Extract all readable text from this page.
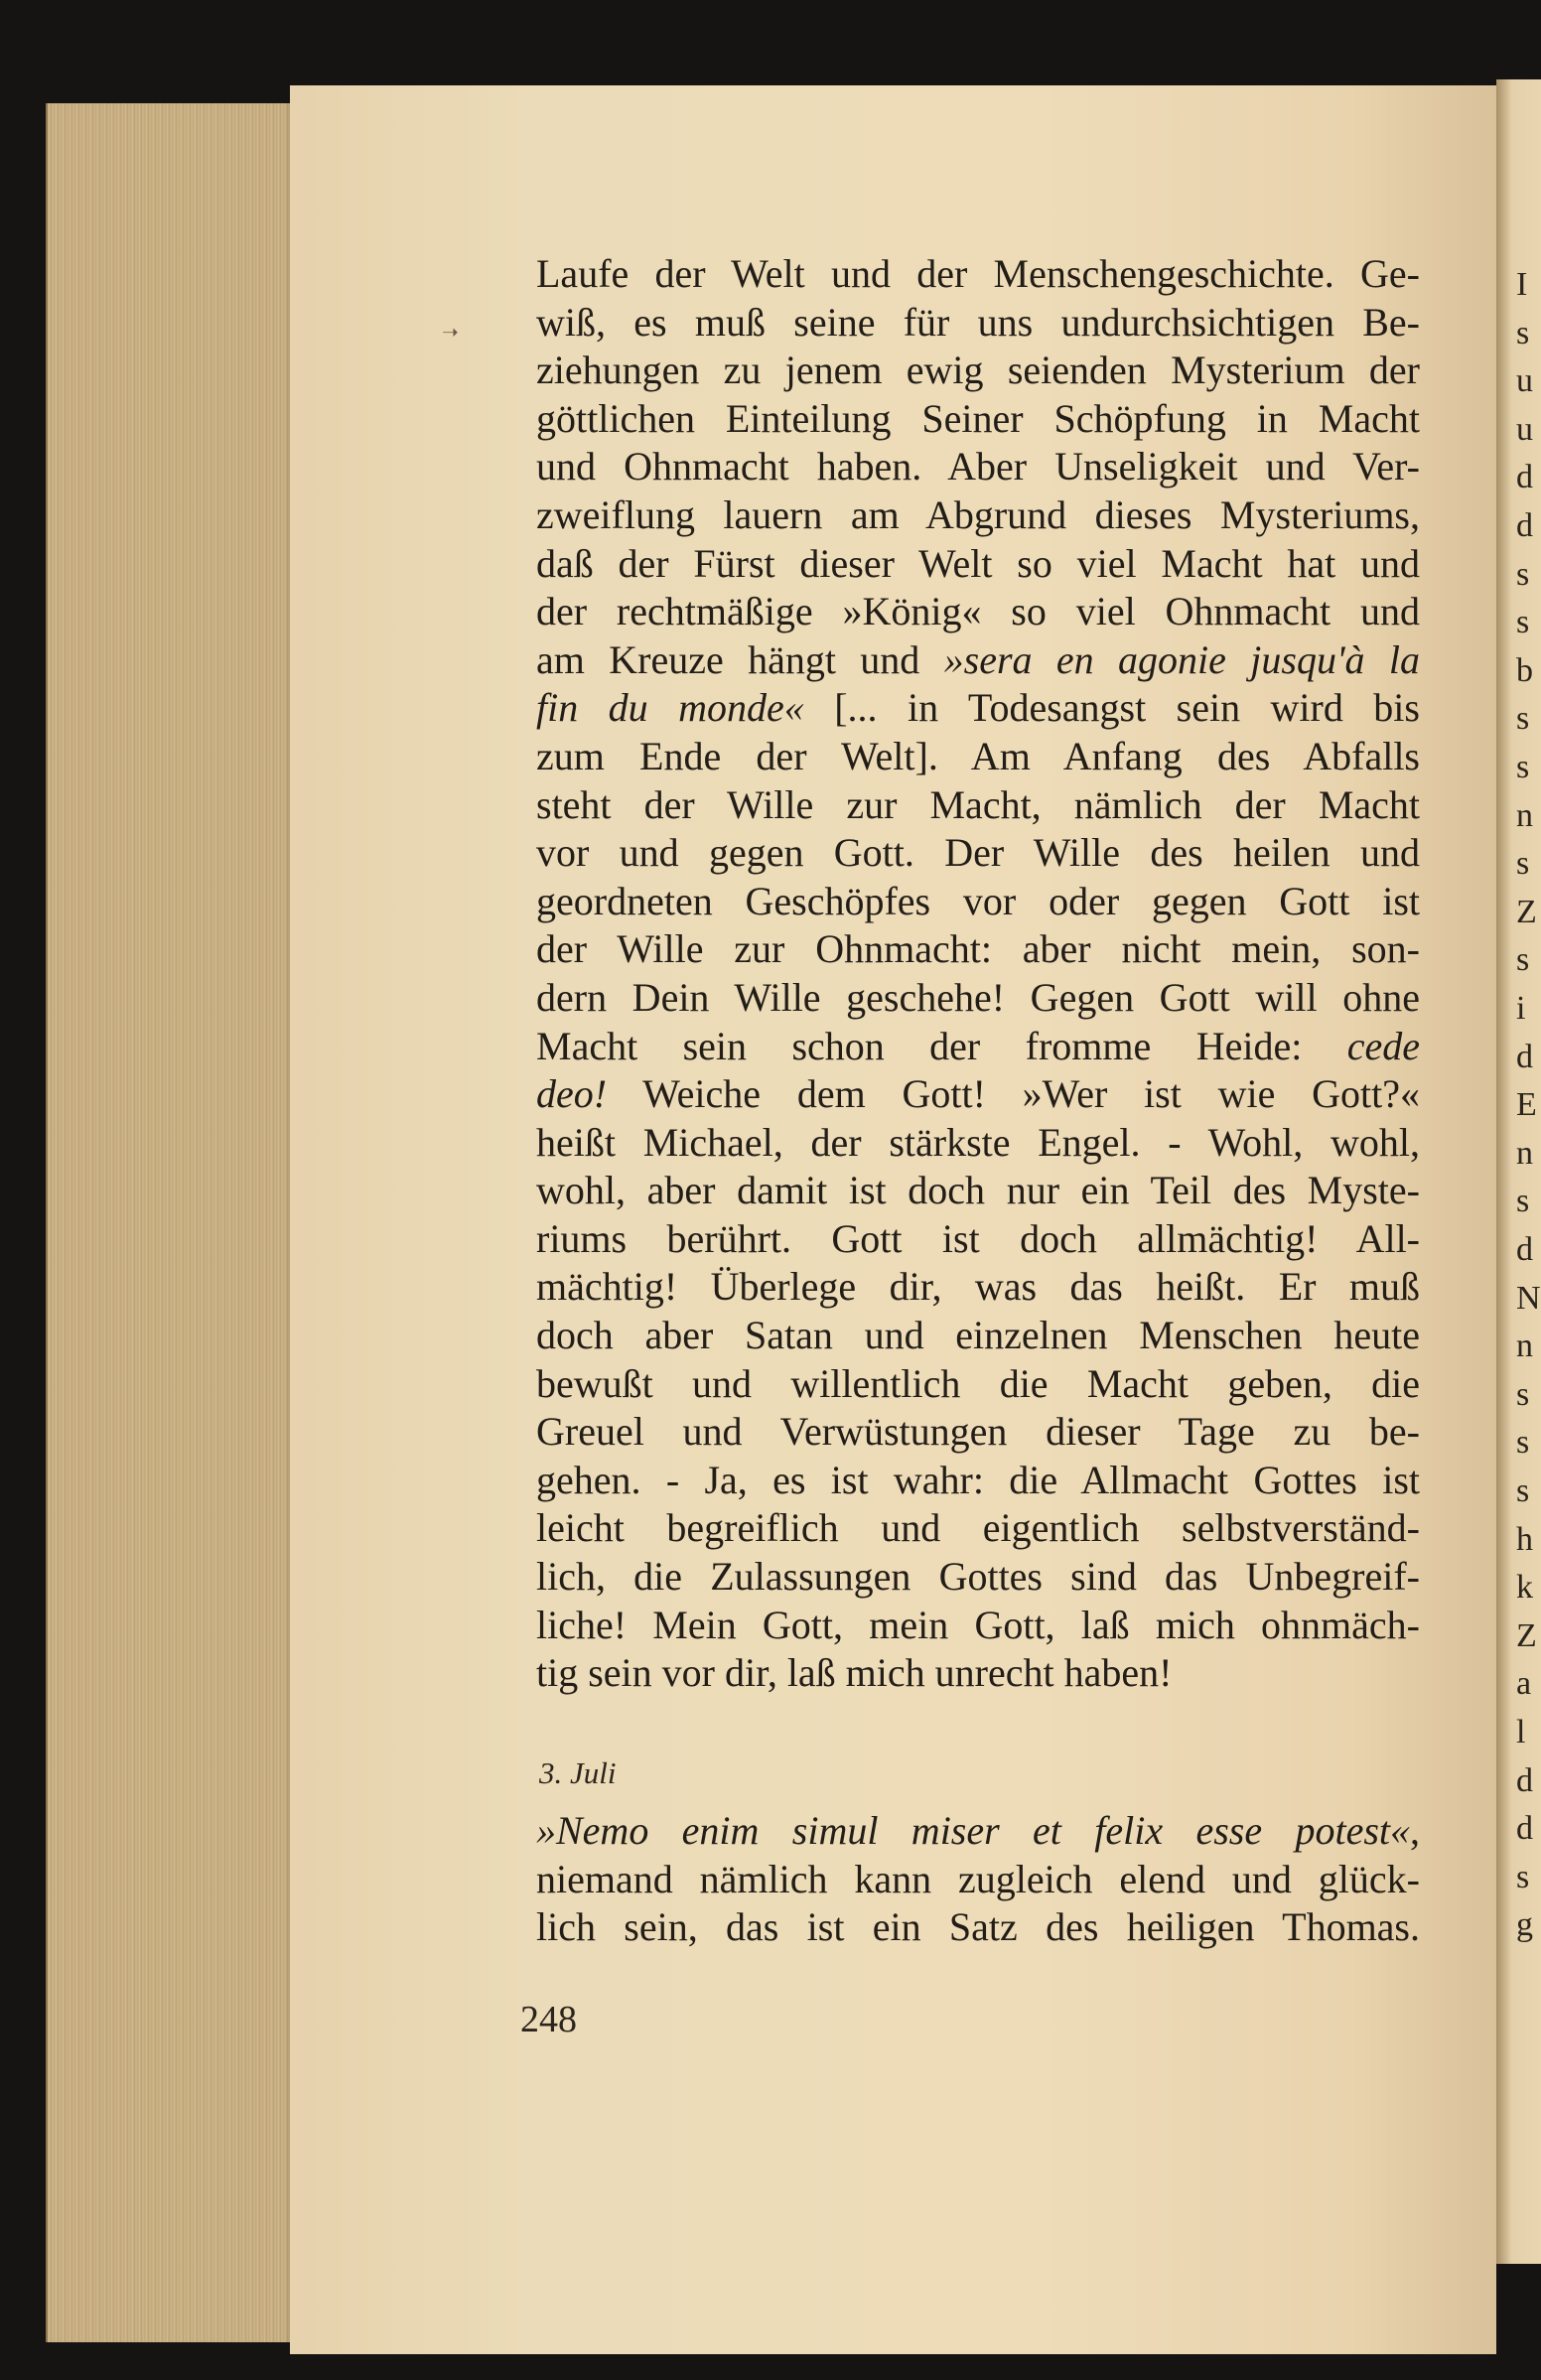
I
s
u
u
d
d
s
s
b
s
s
n
s
Z
s
i
d
E
n
s
d
N
n
s
s
s
h
k
Z
a
l
d
d
s
g
➝
Laufe der Welt und der Menschengeschichte. Ge-
wiß, es muß seine für uns undurchsichtigen Be-
ziehungen zu jenem ewig seienden Mysterium der
göttlichen Einteilung Seiner Schöpfung in Macht
und Ohnmacht haben. Aber Unseligkeit und Ver-
zweiflung lauern am Abgrund dieses Mysteriums,
daß der Fürst dieser Welt so viel Macht hat und
der rechtmäßige »König« so viel Ohnmacht und
am Kreuze hängt und »sera en agonie jusqu'à la
fin du monde« [... in Todesangst sein wird bis
zum Ende der Welt]. Am Anfang des Abfalls
steht der Wille zur Macht, nämlich der Macht
vor und gegen Gott. Der Wille des heilen und
geordneten Geschöpfes vor oder gegen Gott ist
der Wille zur Ohnmacht: aber nicht mein, son-
dern Dein Wille geschehe! Gegen Gott will ohne
Macht sein schon der fromme Heide: cede
deo! Weiche dem Gott! »Wer ist wie Gott?«
heißt Michael, der stärkste Engel. - Wohl, wohl,
wohl, aber damit ist doch nur ein Teil des Myste-
riums berührt. Gott ist doch allmächtig! All-
mächtig! Überlege dir, was das heißt. Er muß
doch aber Satan und einzelnen Menschen heute
bewußt und willentlich die Macht geben, die
Greuel und Verwüstungen dieser Tage zu be-
gehen. - Ja, es ist wahr: die Allmacht Gottes ist
leicht begreiflich und eigentlich selbstverständ-
lich, die Zulassungen Gottes sind das Unbegreif-
liche! Mein Gott, mein Gott, laß mich ohnmäch-
tig sein vor dir, laß mich unrecht haben!
3. Juli
»Nemo enim simul miser et felix esse potest«,
niemand nämlich kann zugleich elend und glück-
lich sein, das ist ein Satz des heiligen Thomas.
248
